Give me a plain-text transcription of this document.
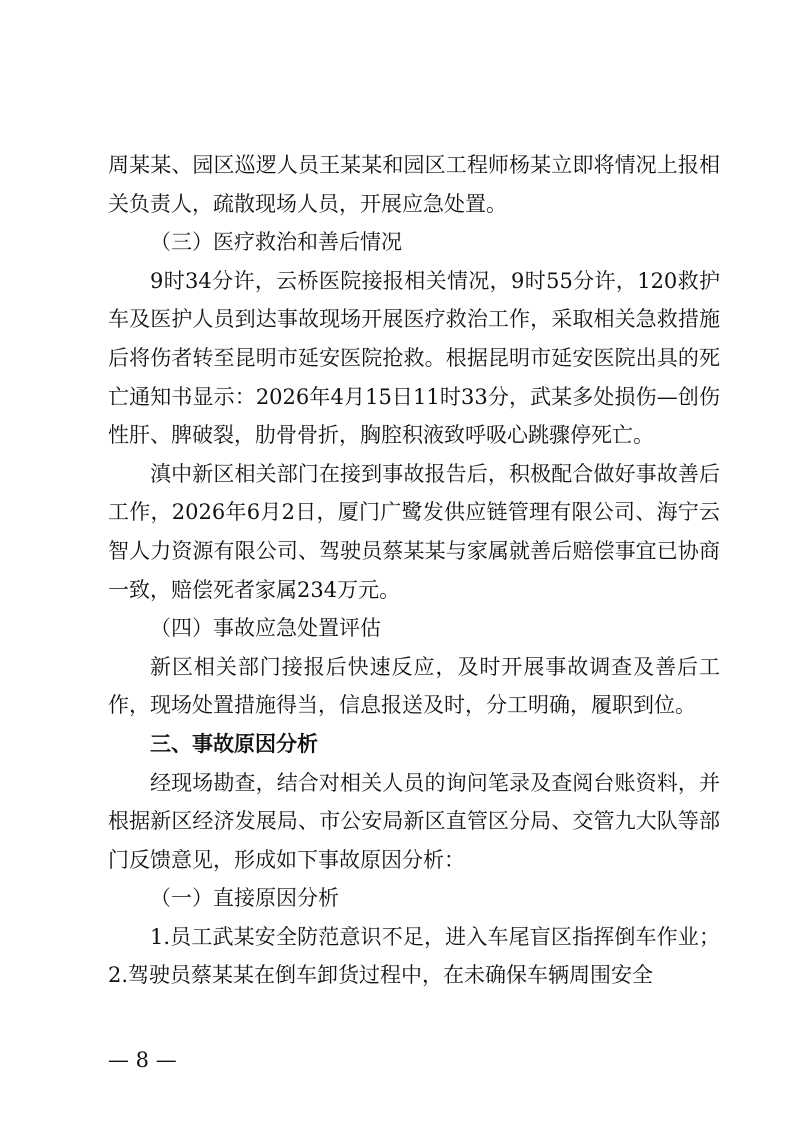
周某某、园区巡逻人员王某某和园区工程师杨某立即将情况上报相关负责人，疏散现场人员，开展应急处置。

（三）医疗救治和善后情况

9时34分许，云桥医院接报相关情况，9时55分许，120救护车及医护人员到达事故现场开展医疗救治工作，采取相关急救措施后将伤者转至昆明市延安医院抢救。根据昆明市延安医院出具的死亡通知书显示：2026年4月15日11时33分，武某多处损伤—创伤性肝、脾破裂，肋骨骨折，胸腔积液致呼吸心跳骤停死亡。

滇中新区相关部门在接到事故报告后，积极配合做好事故善后工作，2026年6月2日，厦门广鹭发供应链管理有限公司、海宁云智人力资源有限公司、驾驶员蔡某某与家属就善后赔偿事宜已协商一致，赔偿死者家属234万元。

（四）事故应急处置评估

新区相关部门接报后快速反应，及时开展事故调查及善后工作，现场处置措施得当，信息报送及时，分工明确，履职到位。

三、事故原因分析

经现场勘查，结合对相关人员的询问笔录及查阅台账资料，并根据新区经济发展局、市公安局新区直管区分局、交管九大队等部门反馈意见，形成如下事故原因分析：

（一）直接原因分析

1.员工武某安全防范意识不足，进入车尾盲区指挥倒车作业；2.驾驶员蔡某某在倒车卸货过程中，在未确保车辆周围安全

— 8 —
